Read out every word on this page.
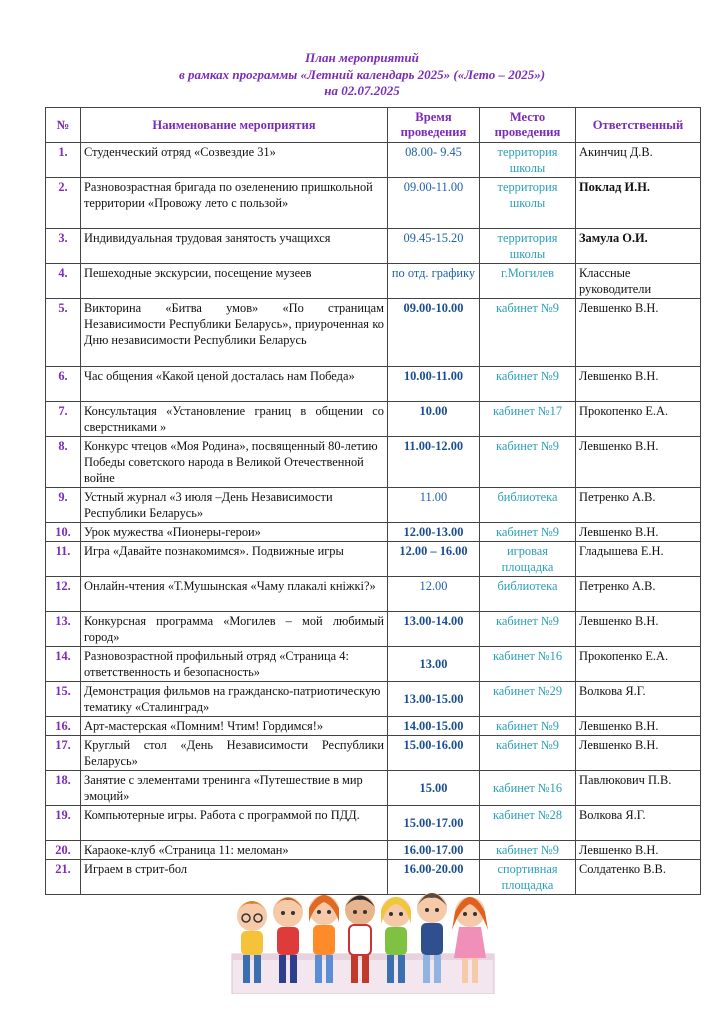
План мероприятий
в рамках программы «Летний календарь 2025» («Лето – 2025»)
на 02.07.2025
№	Наименование мероприятия	Время проведения	Место проведения	Ответственный
1.	Студенческий отряд «Созвездие 31»	08.00- 9.45	территория школы	Акинчиц Д.В.
2.	Разновозрастная бригада по озеленению пришкольной территории «Провожу лето с пользой»	09.00-11.00	территория школы	Поклад И.Н.
3.	Индивидуальная трудовая занятость учащихся	09.45-15.20	территория школы	Замула О.И.
4.	Пешеходные экскурсии, посещение музеев	по отд. графику	г.Могилев	Классные руководители
5.	Викторина «Битва умов» «По страницам Независимости Республики Беларусь», приуроченная ко Дню независимости Республики Беларусь	09.00-10.00	кабинет №9	Левшенко В.Н.
6.	Час общения «Какой ценой досталась нам Победа»	10.00-11.00	кабинет №9	Левшенко В.Н.
7.	Консультация «Установление границ в общении со сверстниками »	10.00	кабинет №17	Прокопенко Е.А.
8.	Конкурс чтецов «Моя Родина», посвященный 80-летию Победы советского народа в Великой Отечественной войне	11.00-12.00	кабинет №9	Левшенко В.Н.
9.	Устный журнал «3 июля –День Независимости Республики Беларусь»	11.00	библиотека	Петренко А.В.
10.	Урок мужества «Пионеры-герои»	12.00-13.00	кабинет №9	Левшенко В.Н.
11.	Игра «Давайте познакомимся». Подвижные игры	12.00 – 16.00	игровая площадка	Гладышева Е.Н.
12.	Онлайн-чтения «Т.Мушынская «Чаму плакалі кніжкі?»	12.00	библиотека	Петренко А.В.
13.	Конкурсная программа «Могилев – мой любимый город»	13.00-14.00	кабинет №9	Левшенко В.Н.
14.	Разновозрастной профильный отряд «Страница 4: ответственность и безопасность»	13.00	кабинет №16	Прокопенко Е.А.
15.	Демонстрация фильмов на гражданско-патриотическую тематику «Сталинград»	13.00-15.00	кабинет №29	Волкова Я.Г.
16.	Арт-мастерская «Помним! Чтим! Гордимся!»	14.00-15.00	кабинет №9	Левшенко В.Н.
17.	Круглый стол «День Независимости Республики Беларусь»	15.00-16.00	кабинет №9	Левшенко В.Н.
18.	Занятие с элементами тренинга «Путешествие в мир эмоций»	15.00	кабинет №16	Павлюкович П.В.
19.	Компьютерные игры. Работа с программой по ПДД.	15.00-17.00	кабинет №28	Волкова Я.Г.
20.	Караоке-клуб «Страница 11: меломан»	16.00-17.00	кабинет №9	Левшенко В.Н.
21.	Играем в стрит-бол	16.00-20.00	спортивная площадка	Солдатенко В.В.
